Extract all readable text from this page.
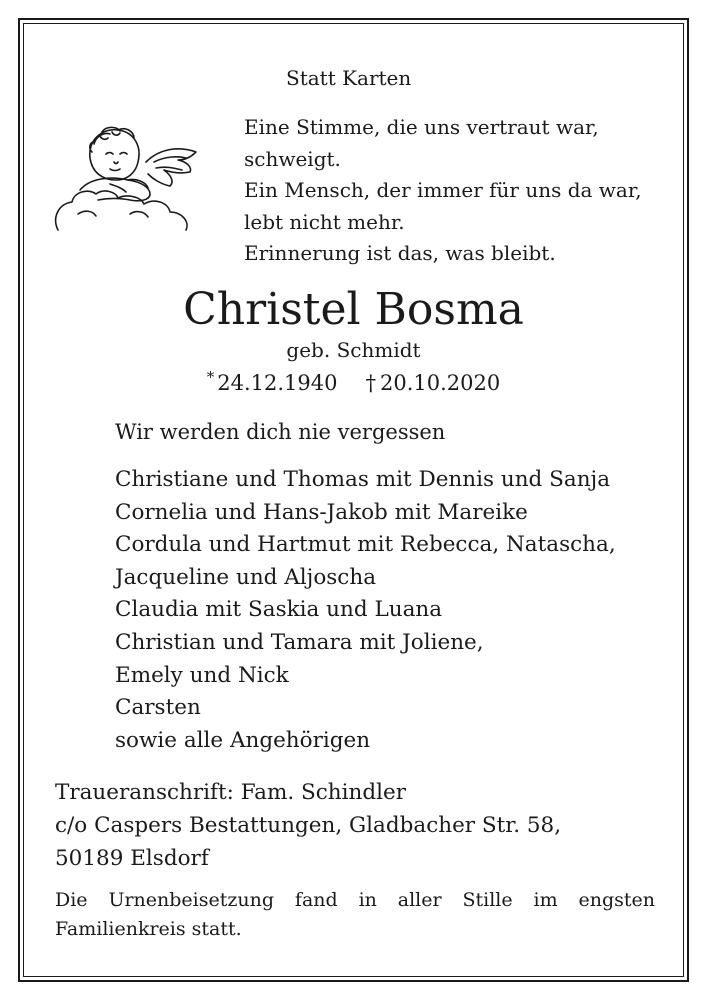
Statt Karten
Eine Stimme, die uns vertraut war,
schweigt.
Ein Mensch, der immer für uns da war,
lebt nicht mehr.
Erinnerung ist das, was bleibt.
Christel Bosma
geb. Schmidt
* 24.12.1940 † 20.10.2020
Wir werden dich nie vergessen
Christiane und Thomas mit Dennis und Sanja
Cornelia und Hans-Jakob mit Mareike
Cordula und Hartmut mit Rebecca, Natascha,
Jacqueline und Aljoscha
Claudia mit Saskia und Luana
Christian und Tamara mit Joliene,
Emely und Nick
Carsten
sowie alle Angehörigen
Traueranschrift: Fam. Schindler
c/o Caspers Bestattungen, Gladbacher Str. 58,
50189 Elsdorf
Die Urnenbeisetzung fand in aller Stille im engsten
Familienkreis statt.
